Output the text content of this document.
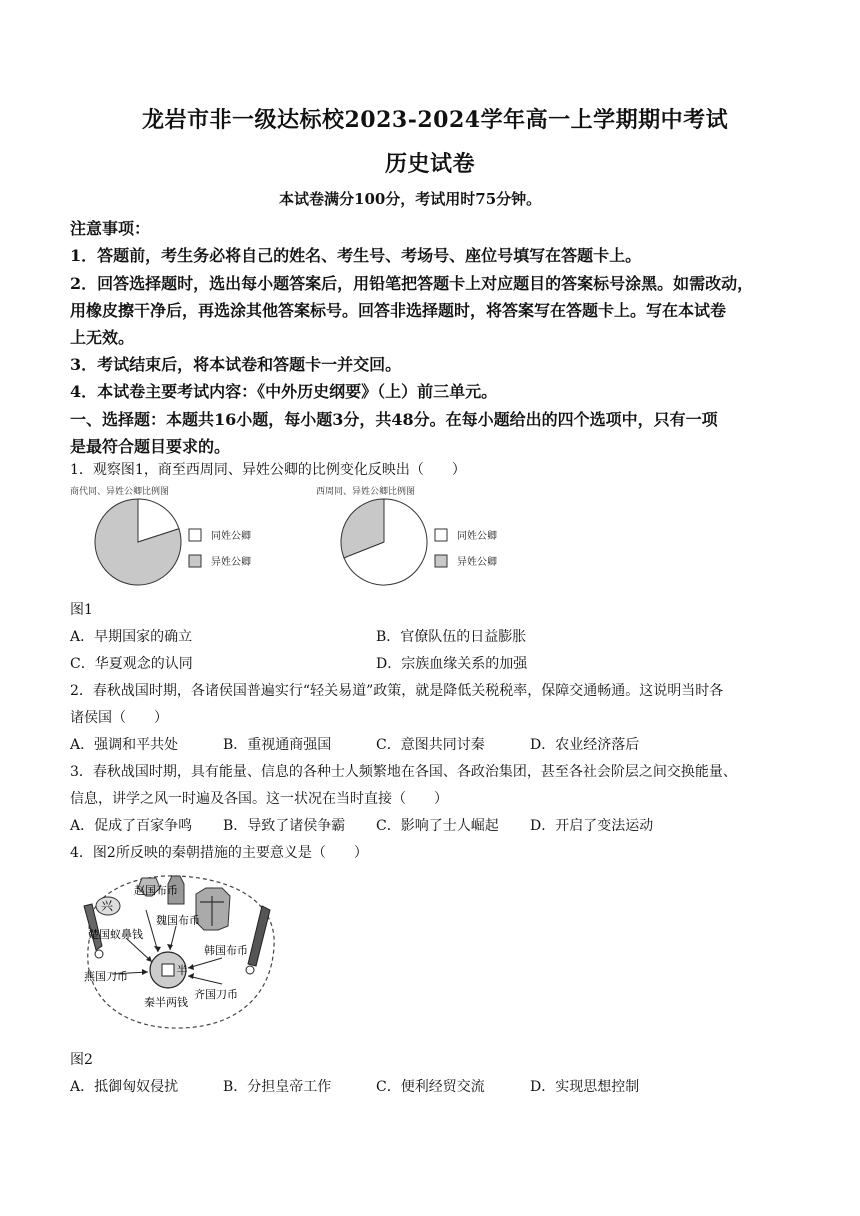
龙岩市非一级达标校2023-2024学年高一上学期期中考试
历史试卷
本试卷满分100分，考试用时75分钟。
注意事项：
1．答题前，考生务必将自己的姓名、考生号、考场号、座位号填写在答题卡上。
2．回答选择题时，选出每小题答案后，用铅笔把答题卡上对应题目的答案标号涂黑。如需改动，
用橡皮擦干净后，再选涂其他答案标号。回答非选择题时，将答案写在答题卡上。写在本试卷
上无效。
3．考试结束后，将本试卷和答题卡一并交回。
4．本试卷主要考试内容：《中外历史纲要》（上）前三单元。
一、选择题：本题共16小题，每小题3分，共48分。在每小题给出的四个选项中，只有一项
是最符合题目要求的。
1．观察图1，商至西周同、异姓公卿的比例变化反映出（　　）
商代同、异姓公卿比例图
同姓公卿
异姓公卿
西周同、异姓公卿比例图
同姓公卿
异姓公卿
图1
A．早期国家的确立	B．官僚队伍的日益膨胀
C．华夏观念的认同	D．宗族血缘关系的加强
2．春秋战国时期，各诸侯国普遍实行“轻关易道”政策，就是降低关税税率，保障交通畅通。这说明当时各
诸侯国（　　）
A．强调和平共处	B．重视通商强国	C．意图共同讨秦	D．农业经济落后
3．春秋战国时期，具有能量、信息的各种士人频繁地在各国、各政治集团，甚至各社会阶层之间交换能量、
信息，讲学之风一时遍及各国。这一状况在当时直接（　　）
A．促成了百家争鸣 B．导致了诸侯争霸 C．影响了士人崛起 D．开启了变法运动
4．图2所反映的秦朝措施的主要意义是（　　）
兴
半
赵国布币
魏国布币
楚国蚁鼻钱
韩国布币
燕国刀币
齐国刀币
秦半两钱
图2
A．抵御匈奴侵扰	B．分担皇帝工作	C．便利经贸交流	D．实现思想控制
